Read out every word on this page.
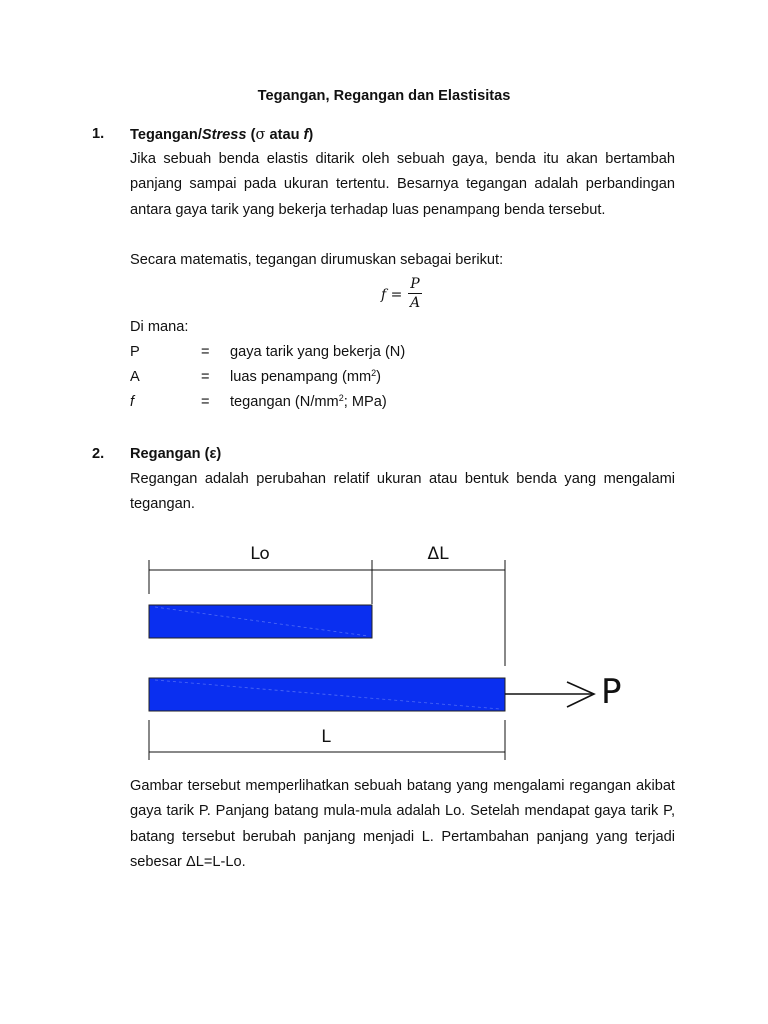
Tegangan, Regangan dan Elastisitas
1. Tegangan/Stress (σ atau f)

Jika sebuah benda elastis ditarik oleh sebuah gaya, benda itu akan bertambah panjang sampai pada ukuran tertentu. Besarnya tegangan adalah perbandingan antara gaya tarik yang bekerja terhadap luas penampang benda tersebut.

Secara matematis, tegangan dirumuskan sebagai berikut:
f =
P
A
Di mana:
P	= gaya tarik yang bekerja (N)
A	= luas penampang $(mm^2)$
f	= tegangan ($N/mm^2$; MPa)
2. Regangan (ε)

Regangan adalah perubahan relatif ukuran atau bentuk benda yang mengalami tegangan.

Lo	ΔL
P
L

Gambar tersebut memperlihatkan sebuah batang yang mengalami regangan akibat gaya tarik P. Panjang batang mula-mula adalah Lo. Setelah mendapat gaya tarik P, batang tersebut berubah panjang menjadi L. Pertambahan panjang yang terjadi sebesar ΔL=L-Lo.
